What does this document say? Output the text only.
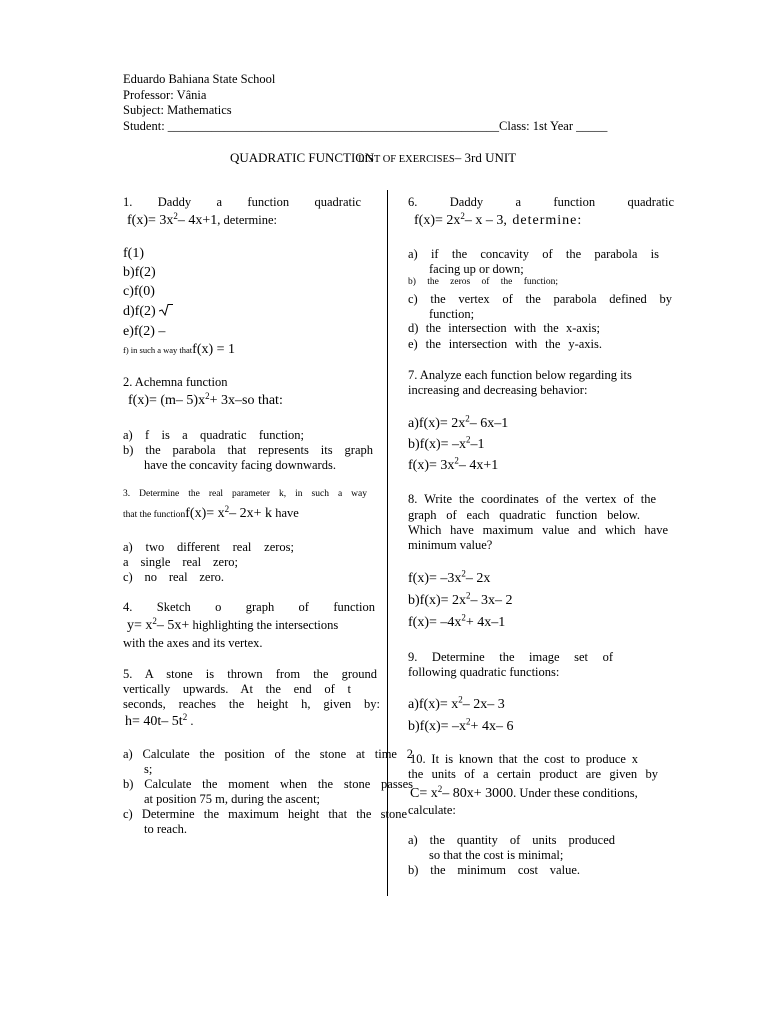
Eduardo Bahiana State School
Professor: Vânia
Subject: Mathematics
Student: _____________________________________________________Class: 1st Year _____
QUADRATIC FUNCTIONLIST OF EXERCISES– 3rd UNIT
1. Daddy a function quadratic
$f(x)= 3x^2-$ 4x+1, determine:
f(1)
b)f(2)
c)f(0)
d)f(2)
e)f(2) –
f) in such a way thatf(x) = 1
2. Achemna function
f(x)= (m– $5)x^2+ 3x-so$ that:
a) f is a quadratic function;
b) the parabola that represents its graph
have the concavity facing downwards.
3. Determine the real parameter k, in such a way
that the functionf(x)= $x^2-$ 2x+ k have
a) two different real zeros;
a single real zero;
c) no real zero.
4. Sketch o graph of function
$y= x^2-$ 5x+ highlighting the intersections
with the axes and its vertex.
5. A stone is thrown from the ground
vertically upwards. At the end of t
seconds, reaches the height h, given by:
h= 40t– $5t^2$ .
a) Calculate the position of the stone at time 2
s;
b) Calculate the moment when the stone passes
at position 75 m, during the ascent;
c) Determine the maximum height that the stone
to reach.
6. Daddy a function quadratic
$f(x)= 2x^2-$ x – 3, determine:
a) if the concavity of the parabola is
facing up or down;
b) the zeros of the function;
c) the vertex of the parabola defined by
function;
d) the intersection with the x-axis;
e) the intersection with the y-axis.
7. Analyze each function below regarding its
increasing and decreasing behavior:
$a)f(x)= 2x^2-$ 6x–1
$b)f(x)= -x^2-1$
$f(x)= 3x^2-$ 4x+1
8. Write the coordinates of the vertex of the
graph of each quadratic function below.
Which have maximum value and which have
minimum value?
$f(x)= -3x^2-$ 2x
$b)f(x)= 2x^2-$ 3x– 2
$f(x)= -4x^2+ 4x-1$
9. Determine the image set of
following quadratic functions:
$a)f(x)= x^2-$ 2x– 3
$b)f(x)= -x^2+ 4x-$ 6
10. It is known that the cost to produce x
the units of a certain product are given by
$C= x^2-$ 80x+ 3000. Under these conditions,
calculate:
a) the quantity of units produced
so that the cost is minimal;
b) the minimum cost value.
